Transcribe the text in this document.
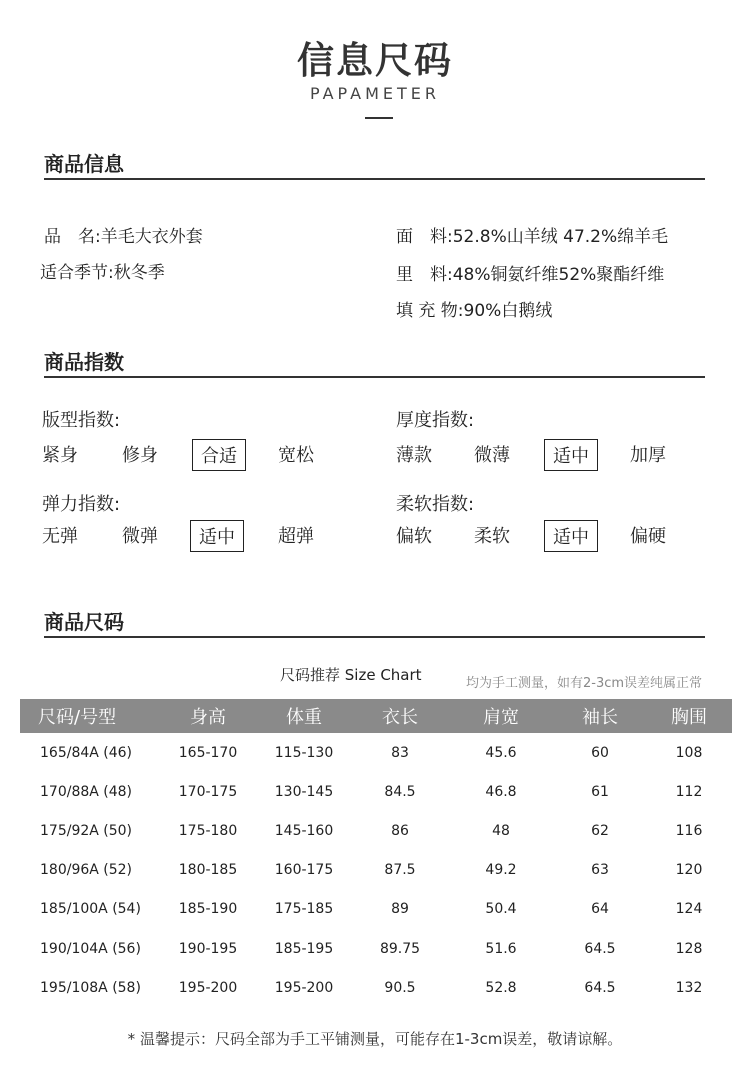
信息尺码
PAPAMETER
商品信息
品　名:羊毛大衣外套
适合季节:秋冬季
面　料:52.8%山羊绒 47.2%绵羊毛
里　料:48%铜氨纤维52%聚酯纤维
填 充 物:90%白鹅绒
商品指数
版型指数:
紧身	修身	合适	宽松
厚度指数:
薄款	微薄	适中	加厚
弹力指数:
无弹	微弹	适中	超弹
柔软指数:
偏软	柔软	适中	偏硬
商品尺码
尺码推荐 Size Chart	均为手工测量，如有2-3cm误差纯属正常
尺码/号型	身高	体重	衣长	肩宽	袖长	胸围
165/84A (46)	165-170	115-130	83	45.6	60	108
170/88A (48)	170-175	130-145	84.5	46.8	61	112
175/92A (50)	175-180	145-160	86	48	62	116
180/96A (52)	180-185	160-175	87.5	49.2	63	120
185/100A (54)	185-190	175-185	89	50.4	64	124
190/104A (56)	190-195	185-195	89.75	51.6	64.5	128
195/108A (58)	195-200	195-200	90.5	52.8	64.5	132
* 温馨提示：尺码全部为手工平铺测量，可能存在1-3cm误差，敬请谅解。
